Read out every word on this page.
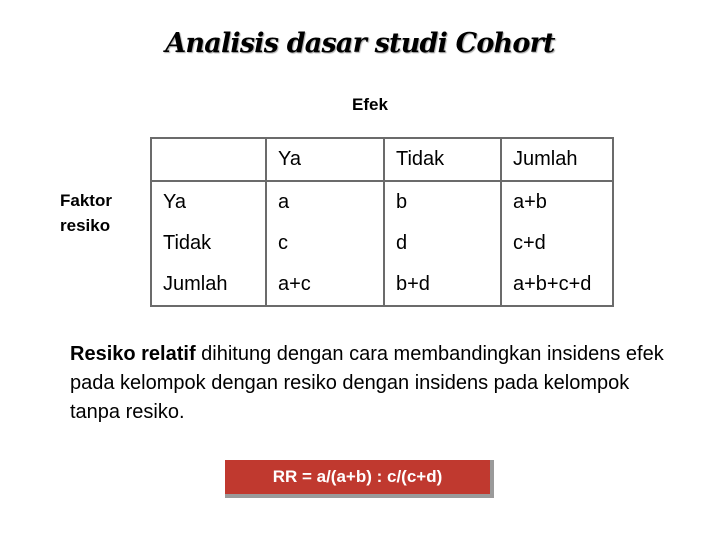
Analisis dasar studi Cohort
Efek
Faktor
resiko
	Ya	Tidak	Jumlah
Ya	a	b	a+b
Tidak	c	d	c+d
Jumlah	a+c	b+d	a+b+c+d
Resiko relatif dihitung dengan cara membandingkan insidens efek pada kelompok dengan resiko dengan insidens pada kelompok tanpa resiko.
RR = a/(a+b) : c/(c+d)
